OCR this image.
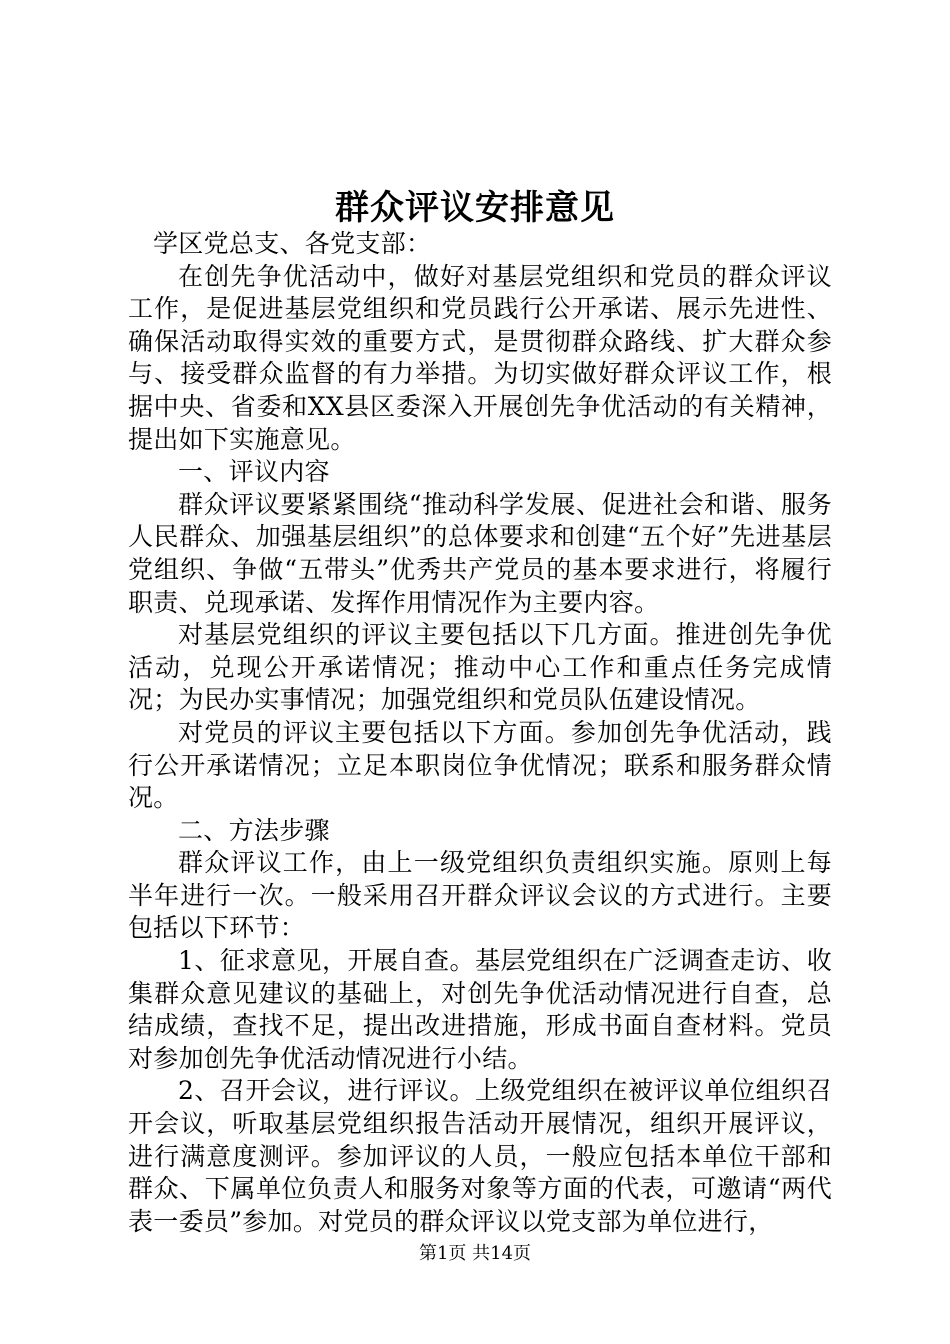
群众评议安排意见

学区党总支、各党支部：

在创先争优活动中，做好对基层党组织和党员的群众评议工作，是促进基层党组织和党员践行公开承诺、展示先进性、确保活动取得实效的重要方式，是贯彻群众路线、扩大群众参与、接受群众监督的有力举措。为切实做好群众评议工作，根据中央、省委和XX县区委深入开展创先争优活动的有关精神，提出如下实施意见。

一、评议内容

群众评议要紧紧围绕“推动科学发展、促进社会和谐、服务人民群众、加强基层组织”的总体要求和创建“五个好”先进基层党组织、争做“五带头”优秀共产党员的基本要求进行，将履行职责、兑现承诺、发挥作用情况作为主要内容。

对基层党组织的评议主要包括以下几方面。推进创先争优活动，兑现公开承诺情况；推动中心工作和重点任务完成情况；为民办实事情况；加强党组织和党员队伍建设情况。

对党员的评议主要包括以下方面。参加创先争优活动，践行公开承诺情况；立足本职岗位争优情况；联系和服务群众情况。

二、方法步骤

群众评议工作，由上一级党组织负责组织实施。原则上每半年进行一次。一般采用召开群众评议会议的方式进行。主要包括以下环节：

1、征求意见，开展自查。基层党组织在广泛调查走访、收集群众意见建议的基础上，对创先争优活动情况进行自查，总结成绩，查找不足，提出改进措施，形成书面自查材料。党员对参加创先争优活动情况进行小结。

2、召开会议，进行评议。上级党组织在被评议单位组织召开会议，听取基层党组织报告活动开展情况，组织开展评议，进行满意度测评。参加评议的人员，一般应包括本单位干部和群众、下属单位负责人和服务对象等方面的代表，可邀请“两代表一委员”参加。对党员的群众评议以党支部为单位进行，

第1页 共14页
